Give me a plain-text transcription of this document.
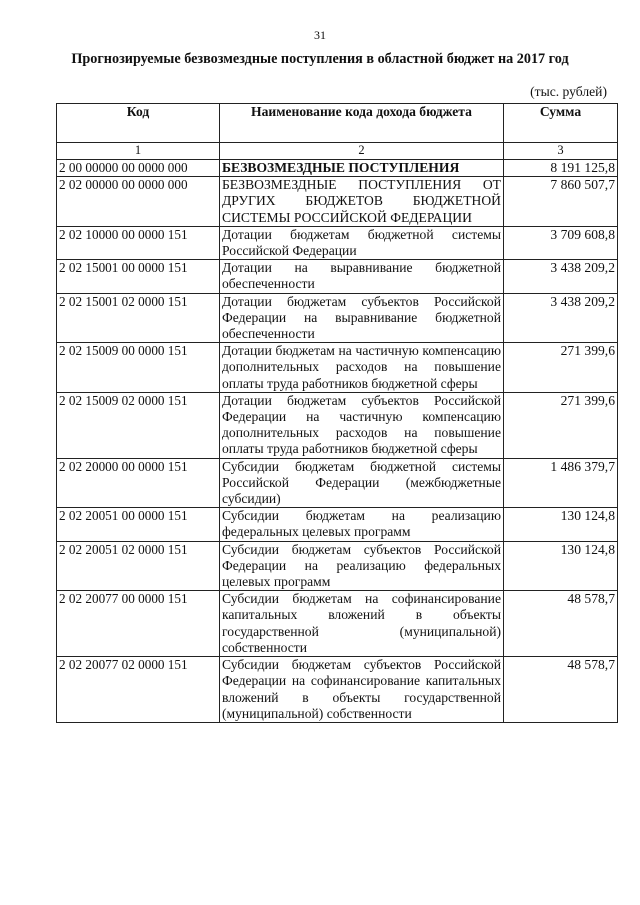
31
Прогнозируемые безвозмездные поступления в областной бюджет на 2017 год
(тыс. рублей)
Код	Наименование кода дохода бюджета	Сумма
1	2	3
2 00 00000 00 0000 000	БЕЗВОЗМЕЗДНЫЕ ПОСТУПЛЕНИЯ	8 191 125,8
2 02 00000 00 0000 000	БЕЗВОЗМЕЗДНЫЕ ПОСТУПЛЕНИЯ ОТ ДРУГИХ БЮДЖЕТОВ БЮДЖЕТНОЙ СИСТЕМЫ РОССИЙСКОЙ ФЕДЕРАЦИИ	7 860 507,7
2 02 10000 00 0000 151	Дотации бюджетам бюджетной системы Российской Федерации	3 709 608,8
2 02 15001 00 0000 151	Дотации на выравнивание бюджетной обеспеченности	3 438 209,2
2 02 15001 02 0000 151	Дотации бюджетам субъектов Российской Федерации на выравнивание бюджетной обеспеченности	3 438 209,2
2 02 15009 00 0000 151	Дотации бюджетам на частичную компенсацию дополнительных расходов на повышение оплаты труда работников бюджетной сферы	271 399,6
2 02 15009 02 0000 151	Дотации бюджетам субъектов Российской Федерации на частичную компенсацию дополнительных расходов на повышение оплаты труда работников бюджетной сферы	271 399,6
2 02 20000 00 0000 151	Субсидии бюджетам бюджетной системы Российской Федерации (межбюджетные субсидии)	1 486 379,7
2 02 20051 00 0000 151	Субсидии бюджетам на реализацию федеральных целевых программ	130 124,8
2 02 20051 02 0000 151	Субсидии бюджетам субъектов Российской Федерации на реализацию федеральных целевых программ	130 124,8
2 02 20077 00 0000 151	Субсидии бюджетам на софинансирование капитальных вложений в объекты государственной (муниципальной) собственности	48 578,7
2 02 20077 02 0000 151	Субсидии бюджетам субъектов Российской Федерации на софинансирование капитальных вложений в объекты государственной (муниципальной) собственности	48 578,7
